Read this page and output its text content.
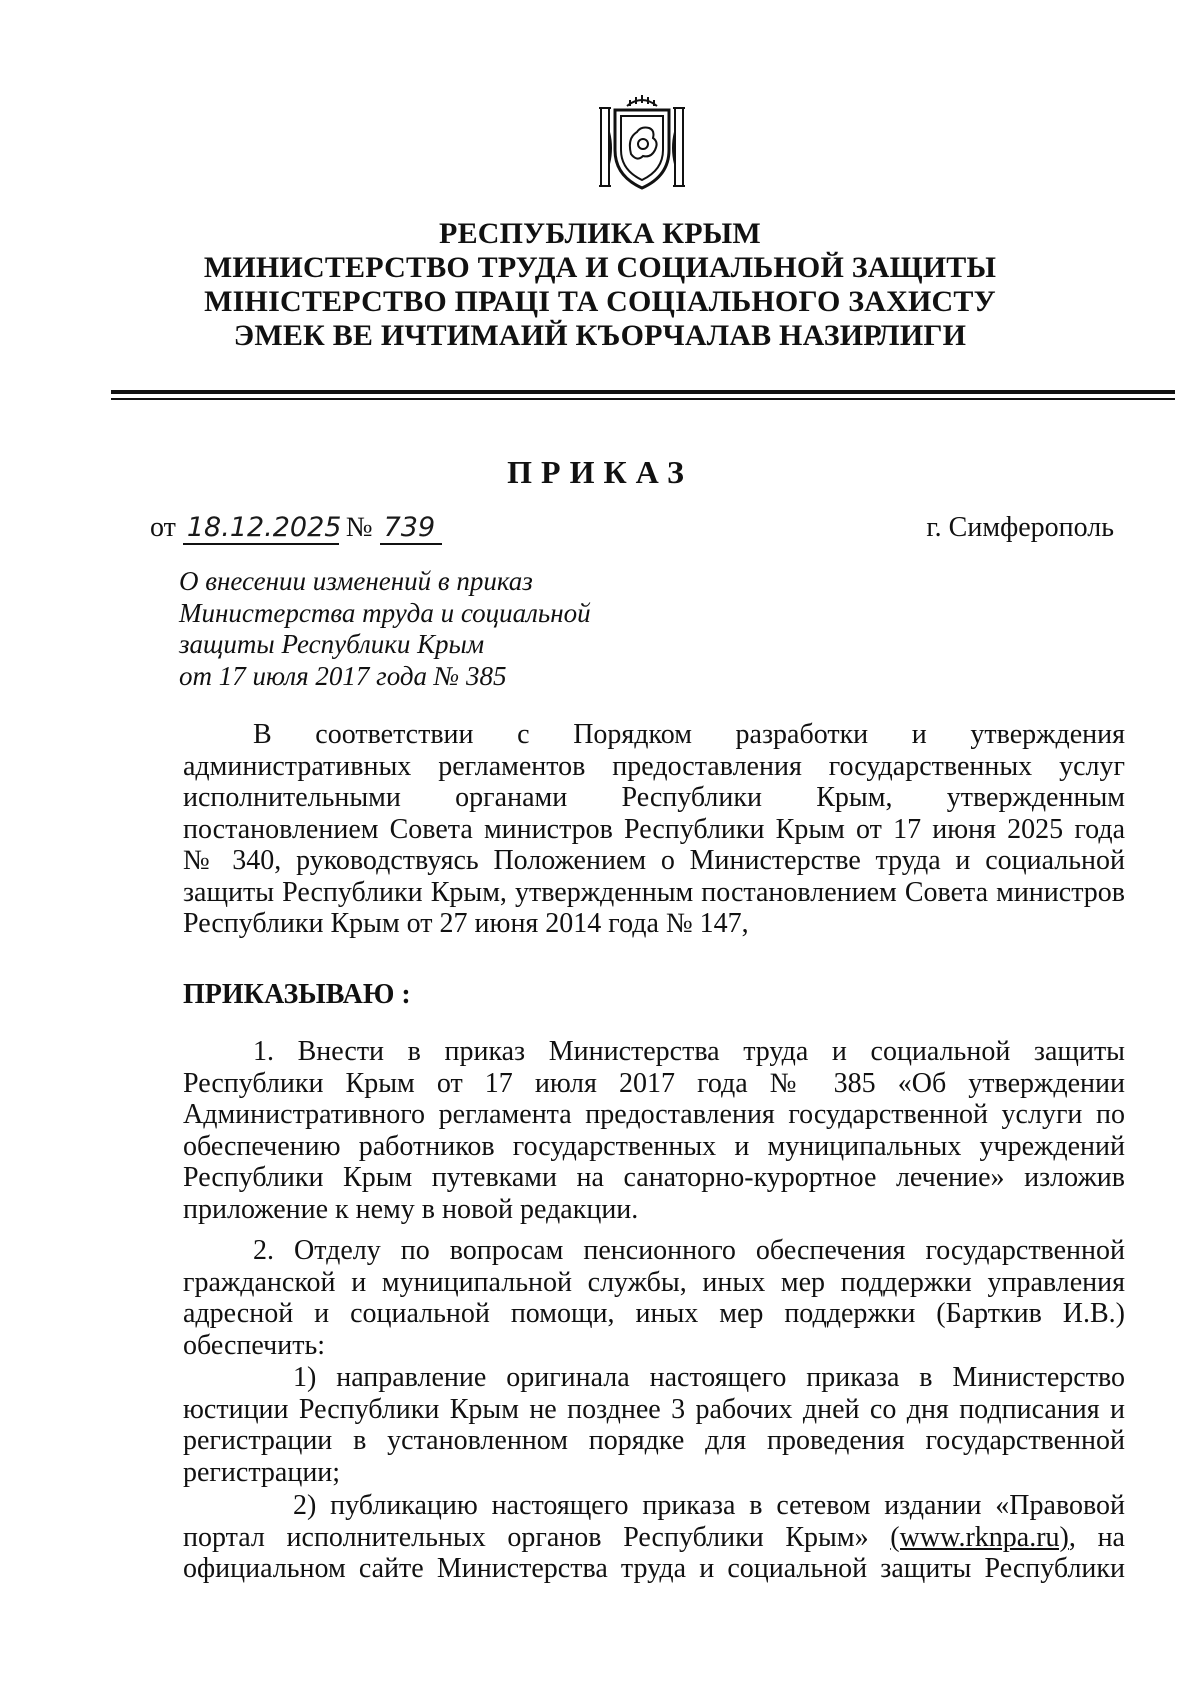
РЕСПУБЛИКА КРЫМ
МИНИСТЕРСТВО ТРУДА И СОЦИАЛЬНОЙ ЗАЩИТЫ
МІНІСТЕРСТВО ПРАЦІ ТА СОЦІАЛЬНОГО ЗАХИСТУ
ЭМЕК ВЕ ИЧТИМАИЙ КЪОРЧАЛАВ НАЗИРЛИГИ
ПРИКАЗ
от 18.12.2025 № 739	г. Симферополь
О внесении изменений в приказ
Министерства труда и социальной
защиты Республики Крым
от 17 июля 2017 года № 385
В соответствии с Порядком разработки и утверждения
административных регламентов предоставления государственных услуг
исполнительными органами Республики Крым, утвержденным
постановлением Совета министров Республики Крым от 17 июня 2025 года
№ 340, руководствуясь Положением о Министерстве труда и социальной
защиты Республики Крым, утвержденным постановлением Совета министров
Республики Крым от 27 июня 2014 года № 147,
ПРИКАЗЫВАЮ :
1. Внести в приказ Министерства труда и социальной защиты
Республики Крым от 17 июля 2017 года № 385 «Об утверждении
Административного регламента предоставления государственной услуги по
обеспечению работников государственных и муниципальных учреждений
Республики Крым путевками на санаторно-курортное лечение» изложив
приложение к нему в новой редакции.
2. Отделу по вопросам пенсионного обеспечения государственной
гражданской и муниципальной службы, иных мер поддержки управления
адресной и социальной помощи, иных мер поддержки (Барткив И.В.)
обеспечить:
1) направление оригинала настоящего приказа в Министерство
юстиции Республики Крым не позднее 3 рабочих дней со дня подписания и
регистрации в установленном порядке для проведения государственной
регистрации;
2) публикацию настоящего приказа в сетевом издании «Правовой
портал исполнительных органов Республики Крым» (www.rknpa.ru), на
официальном сайте Министерства труда и социальной защиты Республики
